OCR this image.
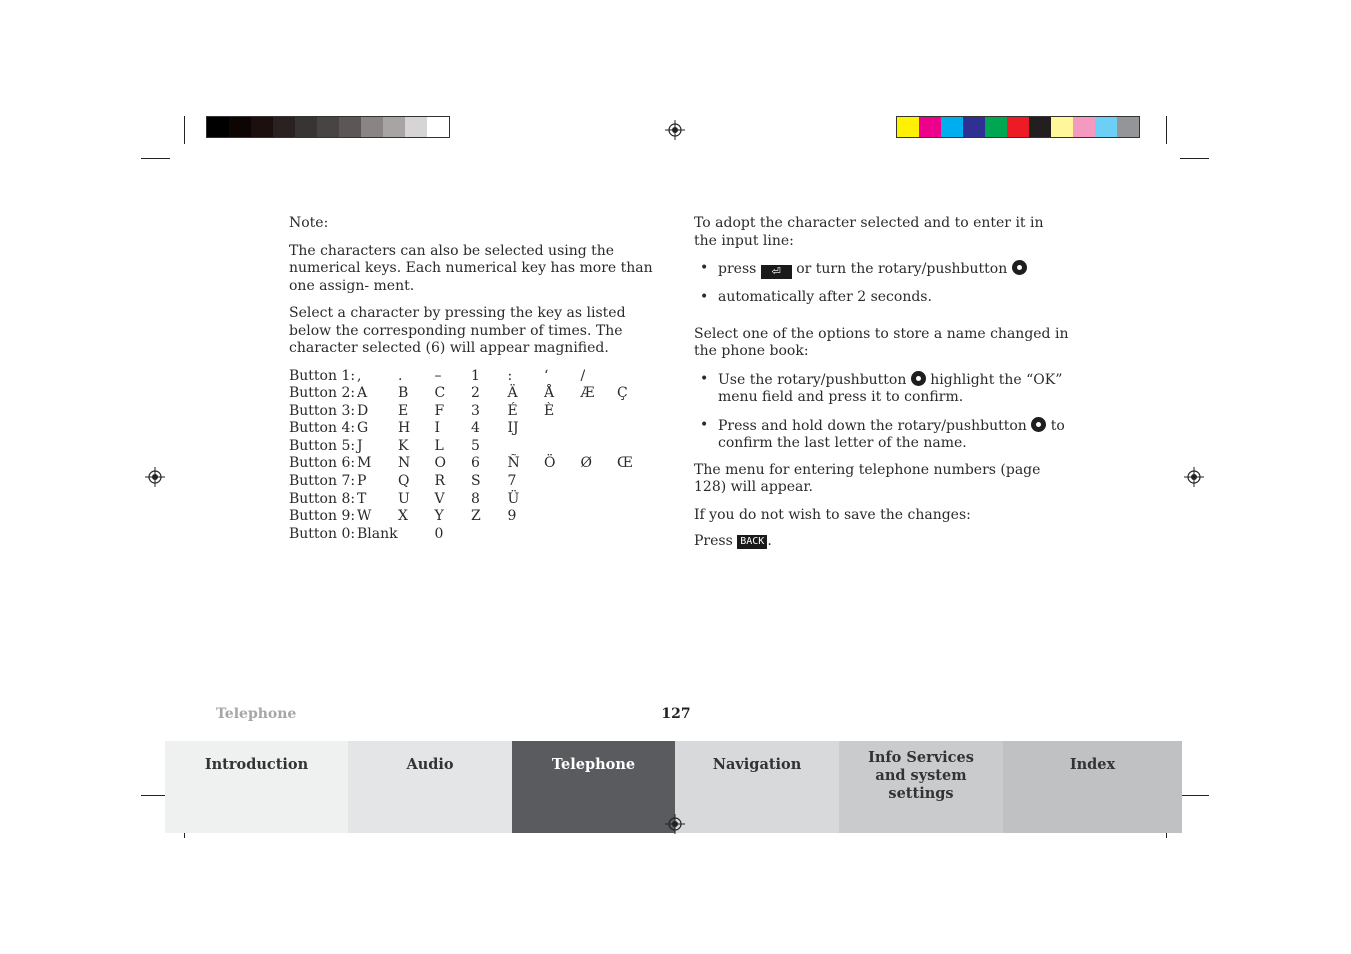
Note:

The characters can also be selected using the numerical keys. Each numerical key has more than one assign- ment.

Select a character by pressing the key as listed below the corresponding number of times. The character selected (6) will appear magnified.

Button 1:	,	.	–	1	:	‘	/	
Button 2:	A	B	C	2	Ä	Å	Æ	Ç
Button 3:	D	E	F	3	É	È		
Button 4:	G	H	I	4	IJ			
Button 5:	J	K	L	5				
Button 6:	M	N	O	6	Ñ	Ö	Ø	Œ
Button 7:	P	Q	R	S	7			
Button 8:	T	U	V	8	Ü			
Button 9:	W	X	Y	Z	9			
Button 0:	Blank		0					

To adopt the character selected and to enter it in the input line:

• press ⏎ or turn the rotary/pushbutton
• automatically after 2 seconds.

Select one of the options to store a name changed in the phone book:

• Use the rotary/pushbutton highlight the “OK” menu field and press it to confirm.
• Press and hold down the rotary/pushbutton to confirm the last letter of the name.

The menu for entering telephone numbers (page 128) will appear.

If you do not wish to save the changes:

Press BACK .

Telephone	127
Introduction	Audio	Telephone	Navigation	Info Services and system settings
Index
